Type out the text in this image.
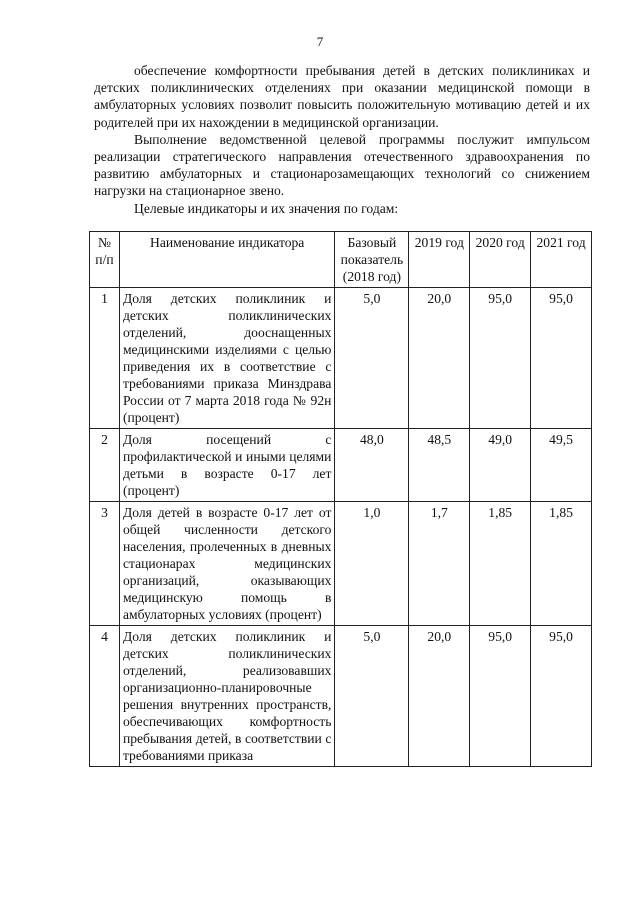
7

обеспечение комфортности пребывания детей в детских поликлиниках и детских поликлинических отделениях при оказании медицинской помощи в амбулаторных условиях позволит повысить положительную мотивацию детей и их родителей при их нахождении в медицинской организации.

Выполнение ведомственной целевой программы послужит импульсом реализации стратегического направления отечественного здравоохранения по развитию амбулаторных и стационарозамещающих технологий со снижением нагрузки на стационарное звено.

Целевые индикаторы и их значения по годам:

№ п/п	Наименование индикатора	Базовый показатель (2018 год)	2019 год	2020 год	2021 год
1	Доля детских поликлиник и детских поликлинических отделений, дооснащенных медицинскими изделиями с целью приведения их в соответствие с требованиями приказа Минздрава России от 7 марта 2018 года № 92н (процент)	5,0	20,0	95,0	95,0
2	Доля посещений с профилактической и иными целями детьми в возрасте 0-17 лет (процент)	48,0	48,5	49,0	49,5
3	Доля детей в возрасте 0-17 лет от общей численности детского населения, пролеченных в дневных стационарах медицинских организаций, оказывающих медицинскую помощь в амбулаторных условиях (процент)	1,0	1,7	1,85	1,85
4	Доля детских поликлиник и детских поликлинических отделений, реализовавших организационно-планировочные решения внутренних пространств, обеспечивающих комфортность пребывания детей, в соответствии с требованиями приказа	5,0	20,0	95,0	95,0
